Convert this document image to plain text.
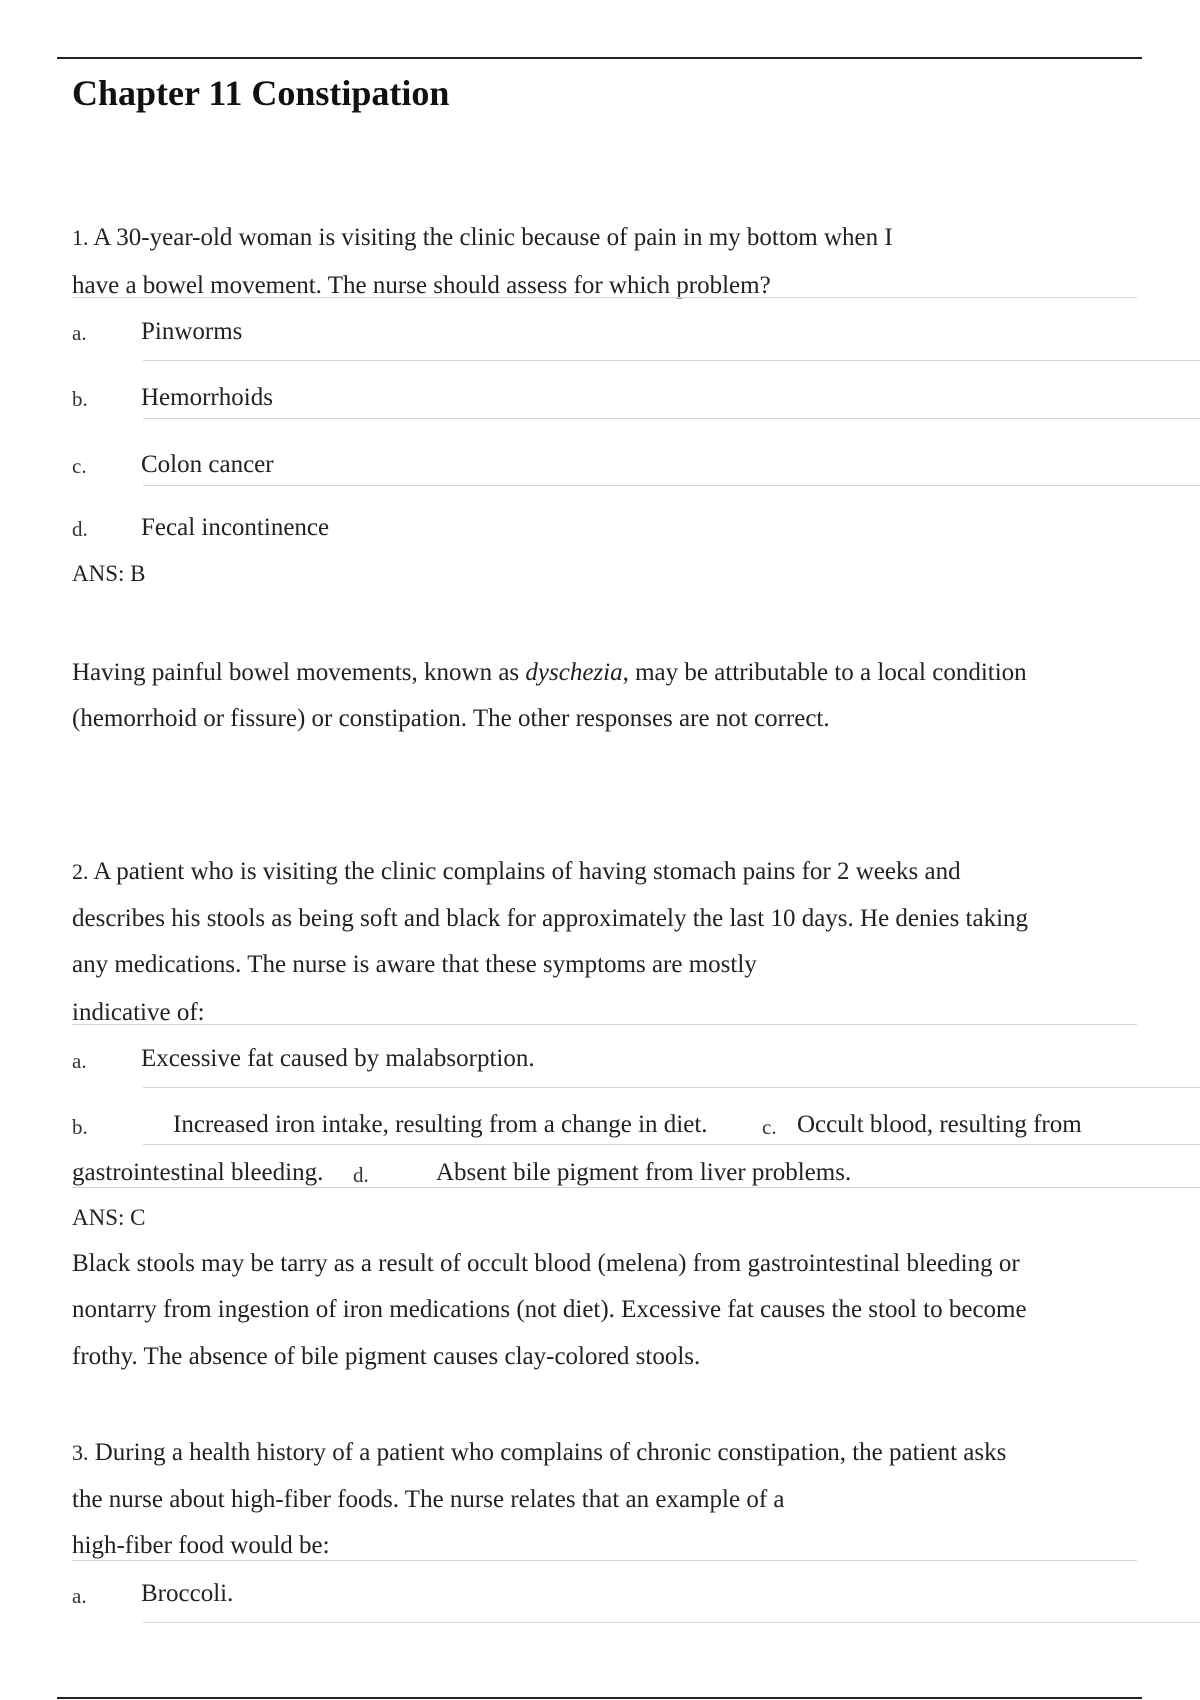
Chapter 11 Constipation
1. A 30-year-old woman is visiting the clinic because of pain in my bottom when I
have a bowel movement. The nurse should assess for which problem?
a. Pinworms
b. Hemorrhoids
c. Colon cancer
d. Fecal incontinence
ANS: B
Having painful bowel movements, known as dyschezia, may be attributable to a local condition
(hemorrhoid or fissure) or constipation. The other responses are not correct.
2. A patient who is visiting the clinic complains of having stomach pains for 2 weeks and
describes his stools as being soft and black for approximately the last 10 days. He denies taking
any medications. The nurse is aware that these symptoms are mostly
indicative of:
a. Excessive fat caused by malabsorption.
b.	Increased iron intake, resulting from a change in diet.	c. Occult blood, resulting from
gastrointestinal bleeding. d.	Absent bile pigment from liver problems.
ANS: C
Black stools may be tarry as a result of occult blood (melena) from gastrointestinal bleeding or
nontarry from ingestion of iron medications (not diet). Excessive fat causes the stool to become
frothy. The absence of bile pigment causes clay-colored stools.
3. During a health history of a patient who complains of chronic constipation, the patient asks
the nurse about high-fiber foods. The nurse relates that an example of a
high-fiber food would be:
a. Broccoli.
